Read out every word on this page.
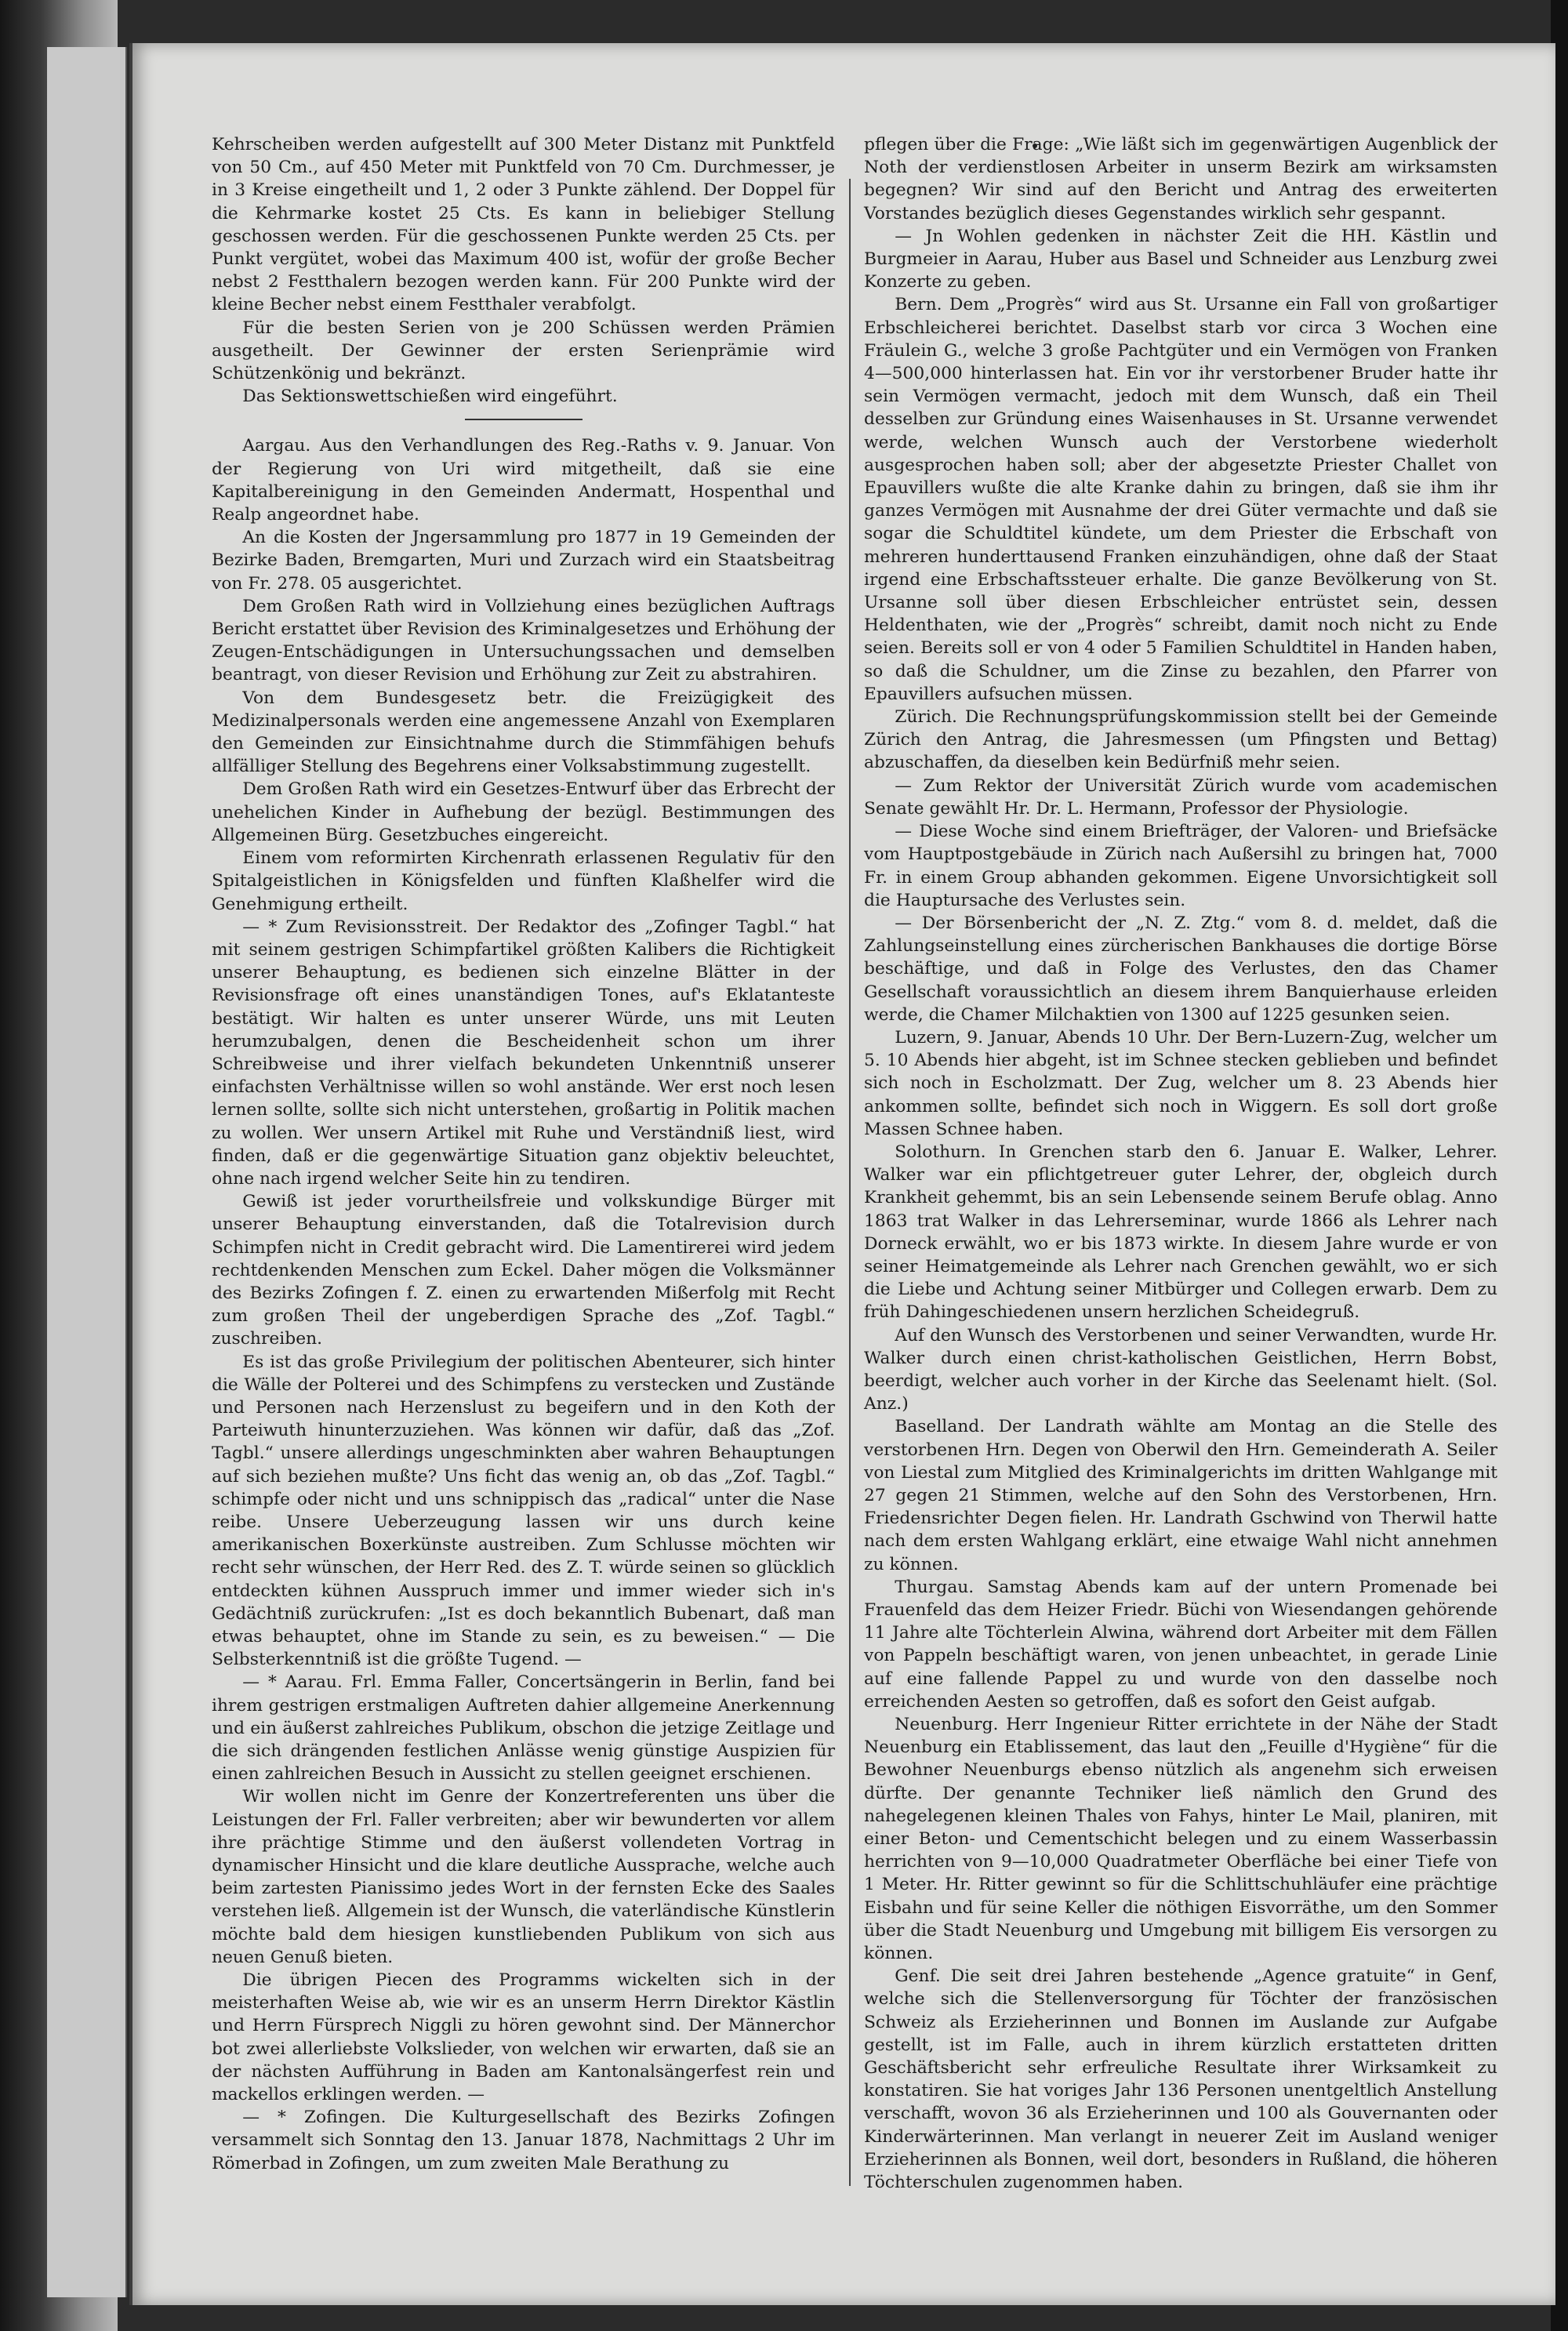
Kehrscheiben werden aufgestellt auf 300 Meter Distanz mit Punktfeld von 50 Cm., auf 450 Meter mit Punktfeld von 70 Cm. Durchmesser, je in 3 Kreise eingetheilt und 1, 2 oder 3 Punkte zählend. Der Doppel für die Kehrmarke kostet 25 Cts. Es kann in beliebiger Stellung geschossen werden. Für die geschossenen Punkte werden 25 Cts. per Punkt vergütet, wobei das Maximum 400 ist, wofür der große Becher nebst 2 Festthalern bezogen werden kann. Für 200 Punkte wird der kleine Becher nebst einem Festthaler verabfolgt.

Für die besten Serien von je 200 Schüssen werden Prämien ausgetheilt. Der Gewinner der ersten Serienprämie wird Schützenkönig und bekränzt.

Das Sektionswettschießen wird eingeführt.

Aargau. Aus den Verhandlungen des Reg.-Raths v. 9. Januar. Von der Regierung von Uri wird mitgetheilt, daß sie eine Kapitalbereinigung in den Gemeinden Andermatt, Hospenthal und Realp angeordnet habe.

An die Kosten der Jngersammlung pro 1877 in 19 Gemeinden der Bezirke Baden, Bremgarten, Muri und Zurzach wird ein Staatsbeitrag von Fr. 278. 05 ausgerichtet.

Dem Großen Rath wird in Vollziehung eines bezüglichen Auftrags Bericht erstattet über Revision des Kriminalgesetzes und Erhöhung der Zeugen-Entschädigungen in Untersuchungssachen und demselben beantragt, von dieser Revision und Erhöhung zur Zeit zu abstrahiren.

Von dem Bundesgesetz betr. die Freizügigkeit des Medizinalpersonals werden eine angemessene Anzahl von Exemplaren den Gemeinden zur Einsichtnahme durch die Stimmfähigen behufs allfälliger Stellung des Begehrens einer Volksabstimmung zugestellt.

Dem Großen Rath wird ein Gesetzes-Entwurf über das Erbrecht der unehelichen Kinder in Aufhebung der bezügl. Bestimmungen des Allgemeinen Bürg. Gesetzbuches eingereicht.

Einem vom reformirten Kirchenrath erlassenen Regulativ für den Spitalgeistlichen in Königsfelden und fünften Klaßhelfer wird die Genehmigung ertheilt.

— * Zum Revisionsstreit. Der Redaktor des „Zofinger Tagbl.“ hat mit seinem gestrigen Schimpfartikel größten Kalibers die Richtigkeit unserer Behauptung, es bedienen sich einzelne Blätter in der Revisionsfrage oft eines unanständigen Tones, auf's Eklatanteste bestätigt. Wir halten es unter unserer Würde, uns mit Leuten herumzubalgen, denen die Bescheidenheit schon um ihrer Schreibweise und ihrer vielfach bekundeten Unkenntniß unserer einfachsten Verhältnisse willen so wohl anstände. Wer erst noch lesen lernen sollte, sollte sich nicht unterstehen, großartig in Politik machen zu wollen. Wer unsern Artikel mit Ruhe und Verständniß liest, wird finden, daß er die gegenwärtige Situation ganz objektiv beleuchtet, ohne nach irgend welcher Seite hin zu tendiren.

Gewiß ist jeder vorurtheilsfreie und volkskundige Bürger mit unserer Behauptung einverstanden, daß die Totalrevision durch Schimpfen nicht in Credit gebracht wird. Die Lamentirerei wird jedem rechtdenkenden Menschen zum Eckel. Daher mögen die Volksmänner des Bezirks Zofingen f. Z. einen zu erwartenden Mißerfolg mit Recht zum großen Theil der ungeberdigen Sprache des „Zof. Tagbl.“ zuschreiben.

Es ist das große Privilegium der politischen Abenteurer, sich hinter die Wälle der Polterei und des Schimpfens zu verstecken und Zustände und Personen nach Herzenslust zu begeifern und in den Koth der Parteiwuth hinunterzuziehen. Was können wir dafür, daß das „Zof. Tagbl.“ unsere allerdings ungeschminkten aber wahren Behauptungen auf sich beziehen mußte? Uns ficht das wenig an, ob das „Zof. Tagbl.“ schimpfe oder nicht und uns schnippisch das „radical“ unter die Nase reibe. Unsere Ueberzeugung lassen wir uns durch keine amerikanischen Boxerkünste austreiben. Zum Schlusse möchten wir recht sehr wünschen, der Herr Red. des Z. T. würde seinen so glücklich entdeckten kühnen Ausspruch immer und immer wieder sich in's Gedächtniß zurückrufen: „Ist es doch bekanntlich Bubenart, daß man etwas behauptet, ohne im Stande zu sein, es zu beweisen.“ — Die Selbsterkenntniß ist die größte Tugend. —

— * Aarau. Frl. Emma Faller, Concertsängerin in Berlin, fand bei ihrem gestrigen erstmaligen Auftreten dahier allgemeine Anerkennung und ein äußerst zahlreiches Publikum, obschon die jetzige Zeitlage und die sich drängenden festlichen Anlässe wenig günstige Auspizien für einen zahlreichen Besuch in Aussicht zu stellen geeignet erschienen.

Wir wollen nicht im Genre der Konzertreferenten uns über die Leistungen der Frl. Faller verbreiten; aber wir bewunderten vor allem ihre prächtige Stimme und den äußerst vollendeten Vortrag in dynamischer Hinsicht und die klare deutliche Aussprache, welche auch beim zartesten Pianissimo jedes Wort in der fernsten Ecke des Saales verstehen ließ. Allgemein ist der Wunsch, die vaterländische Künstlerin möchte bald dem hiesigen kunstliebenden Publikum von sich aus neuen Genuß bieten.

Die übrigen Piecen des Programms wickelten sich in der meisterhaften Weise ab, wie wir es an unserm Herrn Direktor Kästlin und Herrn Fürsprech Niggli zu hören gewohnt sind. Der Männerchor bot zwei allerliebste Volkslieder, von welchen wir erwarten, daß sie an der nächsten Aufführung in Baden am Kantonalsängerfest rein und mackellos erklingen werden. —

— * Zofingen. Die Kulturgesellschaft des Bezirks Zofingen versammelt sich Sonntag den 13. Januar 1878, Nachmittags 2 Uhr im Römerbad in Zofingen, um zum zweiten Male Berathung zu

pflegen über die Frage: „Wie läßt sich im gegenwärtigen Augenblick der Noth der verdienstlosen Arbeiter in unserm Bezirk am wirksamsten begegnen? Wir sind auf den Bericht und Antrag des erweiterten Vorstandes bezüglich dieses Gegenstandes wirklich sehr gespannt.

— Jn Wohlen gedenken in nächster Zeit die HH. Kästlin und Burgmeier in Aarau, Huber aus Basel und Schneider aus Lenzburg zwei Konzerte zu geben.

Bern. Dem „Progrès“ wird aus St. Ursanne ein Fall von großartiger Erbschleicherei berichtet. Daselbst starb vor circa 3 Wochen eine Fräulein G., welche 3 große Pachtgüter und ein Vermögen von Franken 4—500,000 hinterlassen hat. Ein vor ihr verstorbener Bruder hatte ihr sein Vermögen vermacht, jedoch mit dem Wunsch, daß ein Theil desselben zur Gründung eines Waisenhauses in St. Ursanne verwendet werde, welchen Wunsch auch der Verstorbene wiederholt ausgesprochen haben soll; aber der abgesetzte Priester Challet von Epauvillers wußte die alte Kranke dahin zu bringen, daß sie ihm ihr ganzes Vermögen mit Ausnahme der drei Güter vermachte und daß sie sogar die Schuldtitel kündete, um dem Priester die Erbschaft von mehreren hunderttausend Franken einzuhändigen, ohne daß der Staat irgend eine Erbschaftssteuer erhalte. Die ganze Bevölkerung von St. Ursanne soll über diesen Erbschleicher entrüstet sein, dessen Heldenthaten, wie der „Progrès“ schreibt, damit noch nicht zu Ende seien. Bereits soll er von 4 oder 5 Familien Schuldtitel in Handen haben, so daß die Schuldner, um die Zinse zu bezahlen, den Pfarrer von Epauvillers aufsuchen müssen.

Zürich. Die Rechnungsprüfungskommission stellt bei der Gemeinde Zürich den Antrag, die Jahresmessen (um Pfingsten und Bettag) abzuschaffen, da dieselben kein Bedürfniß mehr seien.

— Zum Rektor der Universität Zürich wurde vom academischen Senate gewählt Hr. Dr. L. Hermann, Professor der Physiologie.

— Diese Woche sind einem Briefträger, der Valoren- und Briefsäcke vom Hauptpostgebäude in Zürich nach Außersihl zu bringen hat, 7000 Fr. in einem Group abhanden gekommen. Eigene Unvorsichtigkeit soll die Hauptursache des Verlustes sein.

— Der Börsenbericht der „N. Z. Ztg.“ vom 8. d. meldet, daß die Zahlungseinstellung eines zürcherischen Bankhauses die dortige Börse beschäftige, und daß in Folge des Verlustes, den das Chamer Gesellschaft voraussichtlich an diesem ihrem Banquierhause erleiden werde, die Chamer Milchaktien von 1300 auf 1225 gesunken seien.

Luzern, 9. Januar, Abends 10 Uhr. Der Bern-Luzern-Zug, welcher um 5. 10 Abends hier abgeht, ist im Schnee stecken geblieben und befindet sich noch in Escholzmatt. Der Zug, welcher um 8. 23 Abends hier ankommen sollte, befindet sich noch in Wiggern. Es soll dort große Massen Schnee haben.

Solothurn. In Grenchen starb den 6. Januar E. Walker, Lehrer. Walker war ein pflichtgetreuer guter Lehrer, der, obgleich durch Krankheit gehemmt, bis an sein Lebensende seinem Berufe oblag. Anno 1863 trat Walker in das Lehrerseminar, wurde 1866 als Lehrer nach Dorneck erwählt, wo er bis 1873 wirkte. In diesem Jahre wurde er von seiner Heimatgemeinde als Lehrer nach Grenchen gewählt, wo er sich die Liebe und Achtung seiner Mitbürger und Collegen erwarb. Dem zu früh Dahingeschiedenen unsern herzlichen Scheidegruß.

Auf den Wunsch des Verstorbenen und seiner Verwandten, wurde Hr. Walker durch einen christ-katholischen Geistlichen, Herrn Bobst, beerdigt, welcher auch vorher in der Kirche das Seelenamt hielt. (Sol. Anz.)

Baselland. Der Landrath wählte am Montag an die Stelle des verstorbenen Hrn. Degen von Oberwil den Hrn. Gemeinderath A. Seiler von Liestal zum Mitglied des Kriminalgerichts im dritten Wahlgange mit 27 gegen 21 Stimmen, welche auf den Sohn des Verstorbenen, Hrn. Friedensrichter Degen fielen. Hr. Landrath Gschwind von Therwil hatte nach dem ersten Wahlgang erklärt, eine etwaige Wahl nicht annehmen zu können.

Thurgau. Samstag Abends kam auf der untern Promenade bei Frauenfeld das dem Heizer Friedr. Büchi von Wiesendangen gehörende 11 Jahre alte Töchterlein Alwina, während dort Arbeiter mit dem Fällen von Pappeln beschäftigt waren, von jenen unbeachtet, in gerade Linie auf eine fallende Pappel zu und wurde von den dasselbe noch erreichenden Aesten so getroffen, daß es sofort den Geist aufgab.

Neuenburg. Herr Ingenieur Ritter errichtete in der Nähe der Stadt Neuenburg ein Etablissement, das laut den „Feuille d'Hygiène“ für die Bewohner Neuenburgs ebenso nützlich als angenehm sich erweisen dürfte. Der genannte Techniker ließ nämlich den Grund des nahegelegenen kleinen Thales von Fahys, hinter Le Mail, planiren, mit einer Beton- und Cementschicht belegen und zu einem Wasserbassin herrichten von 9—10,000 Quadratmeter Oberfläche bei einer Tiefe von 1 Meter. Hr. Ritter gewinnt so für die Schlittschuhläufer eine prächtige Eisbahn und für seine Keller die nöthigen Eisvorräthe, um den Sommer über die Stadt Neuenburg und Umgebung mit billigem Eis versorgen zu können.

Genf. Die seit drei Jahren bestehende „Agence gratuite“ in Genf, welche sich die Stellenversorgung für Töchter der französischen Schweiz als Erzieherinnen und Bonnen im Auslande zur Aufgabe gestellt, ist im Falle, auch in ihrem kürzlich erstatteten dritten Geschäftsbericht sehr erfreuliche Resultate ihrer Wirksamkeit zu konstatiren. Sie hat voriges Jahr 136 Personen unentgeltlich Anstellung verschafft, wovon 36 als Erzieherinnen und 100 als Gouvernanten oder Kinderwärterinnen. Man verlangt in neuerer Zeit im Ausland weniger Erzieherinnen als Bonnen, weil dort, besonders in Rußland, die höheren Töchterschulen zugenommen haben.
